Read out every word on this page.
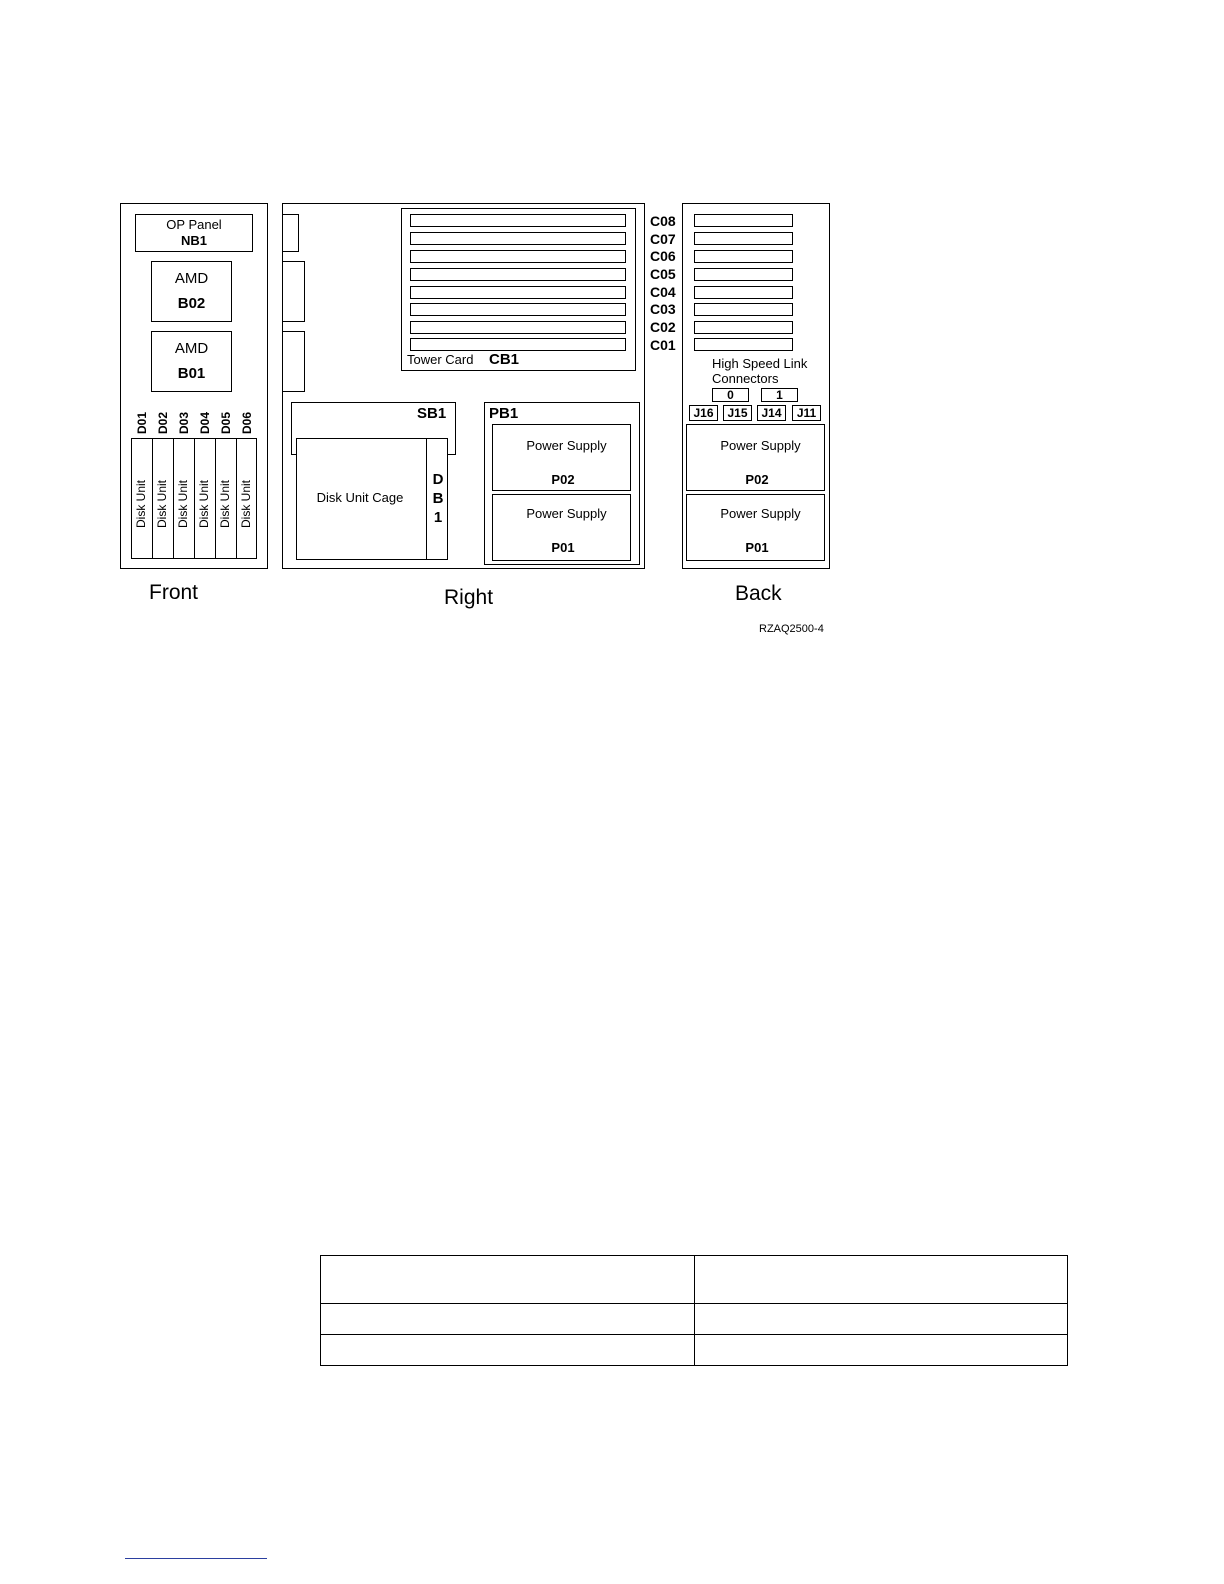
OP Panel
NB1
AMD
B02
AMD
B01
D01 D02 D03 D04 D05 D06
Disk Unit Disk Unit Disk Unit Disk Unit Disk Unit Disk Unit
Front
Tower Card CB1
SB1
Disk Unit Cage
D
B
1
PB1
Power Supply
P02
Power Supply
P01
Right
C08
C07
C06
C05
C04
C03
C02
C01
High Speed Link
Connectors
0	1
J16	J15	J14	J11
Power Supply
P02
Power Supply
P01
Back
RZAQ2500-4
